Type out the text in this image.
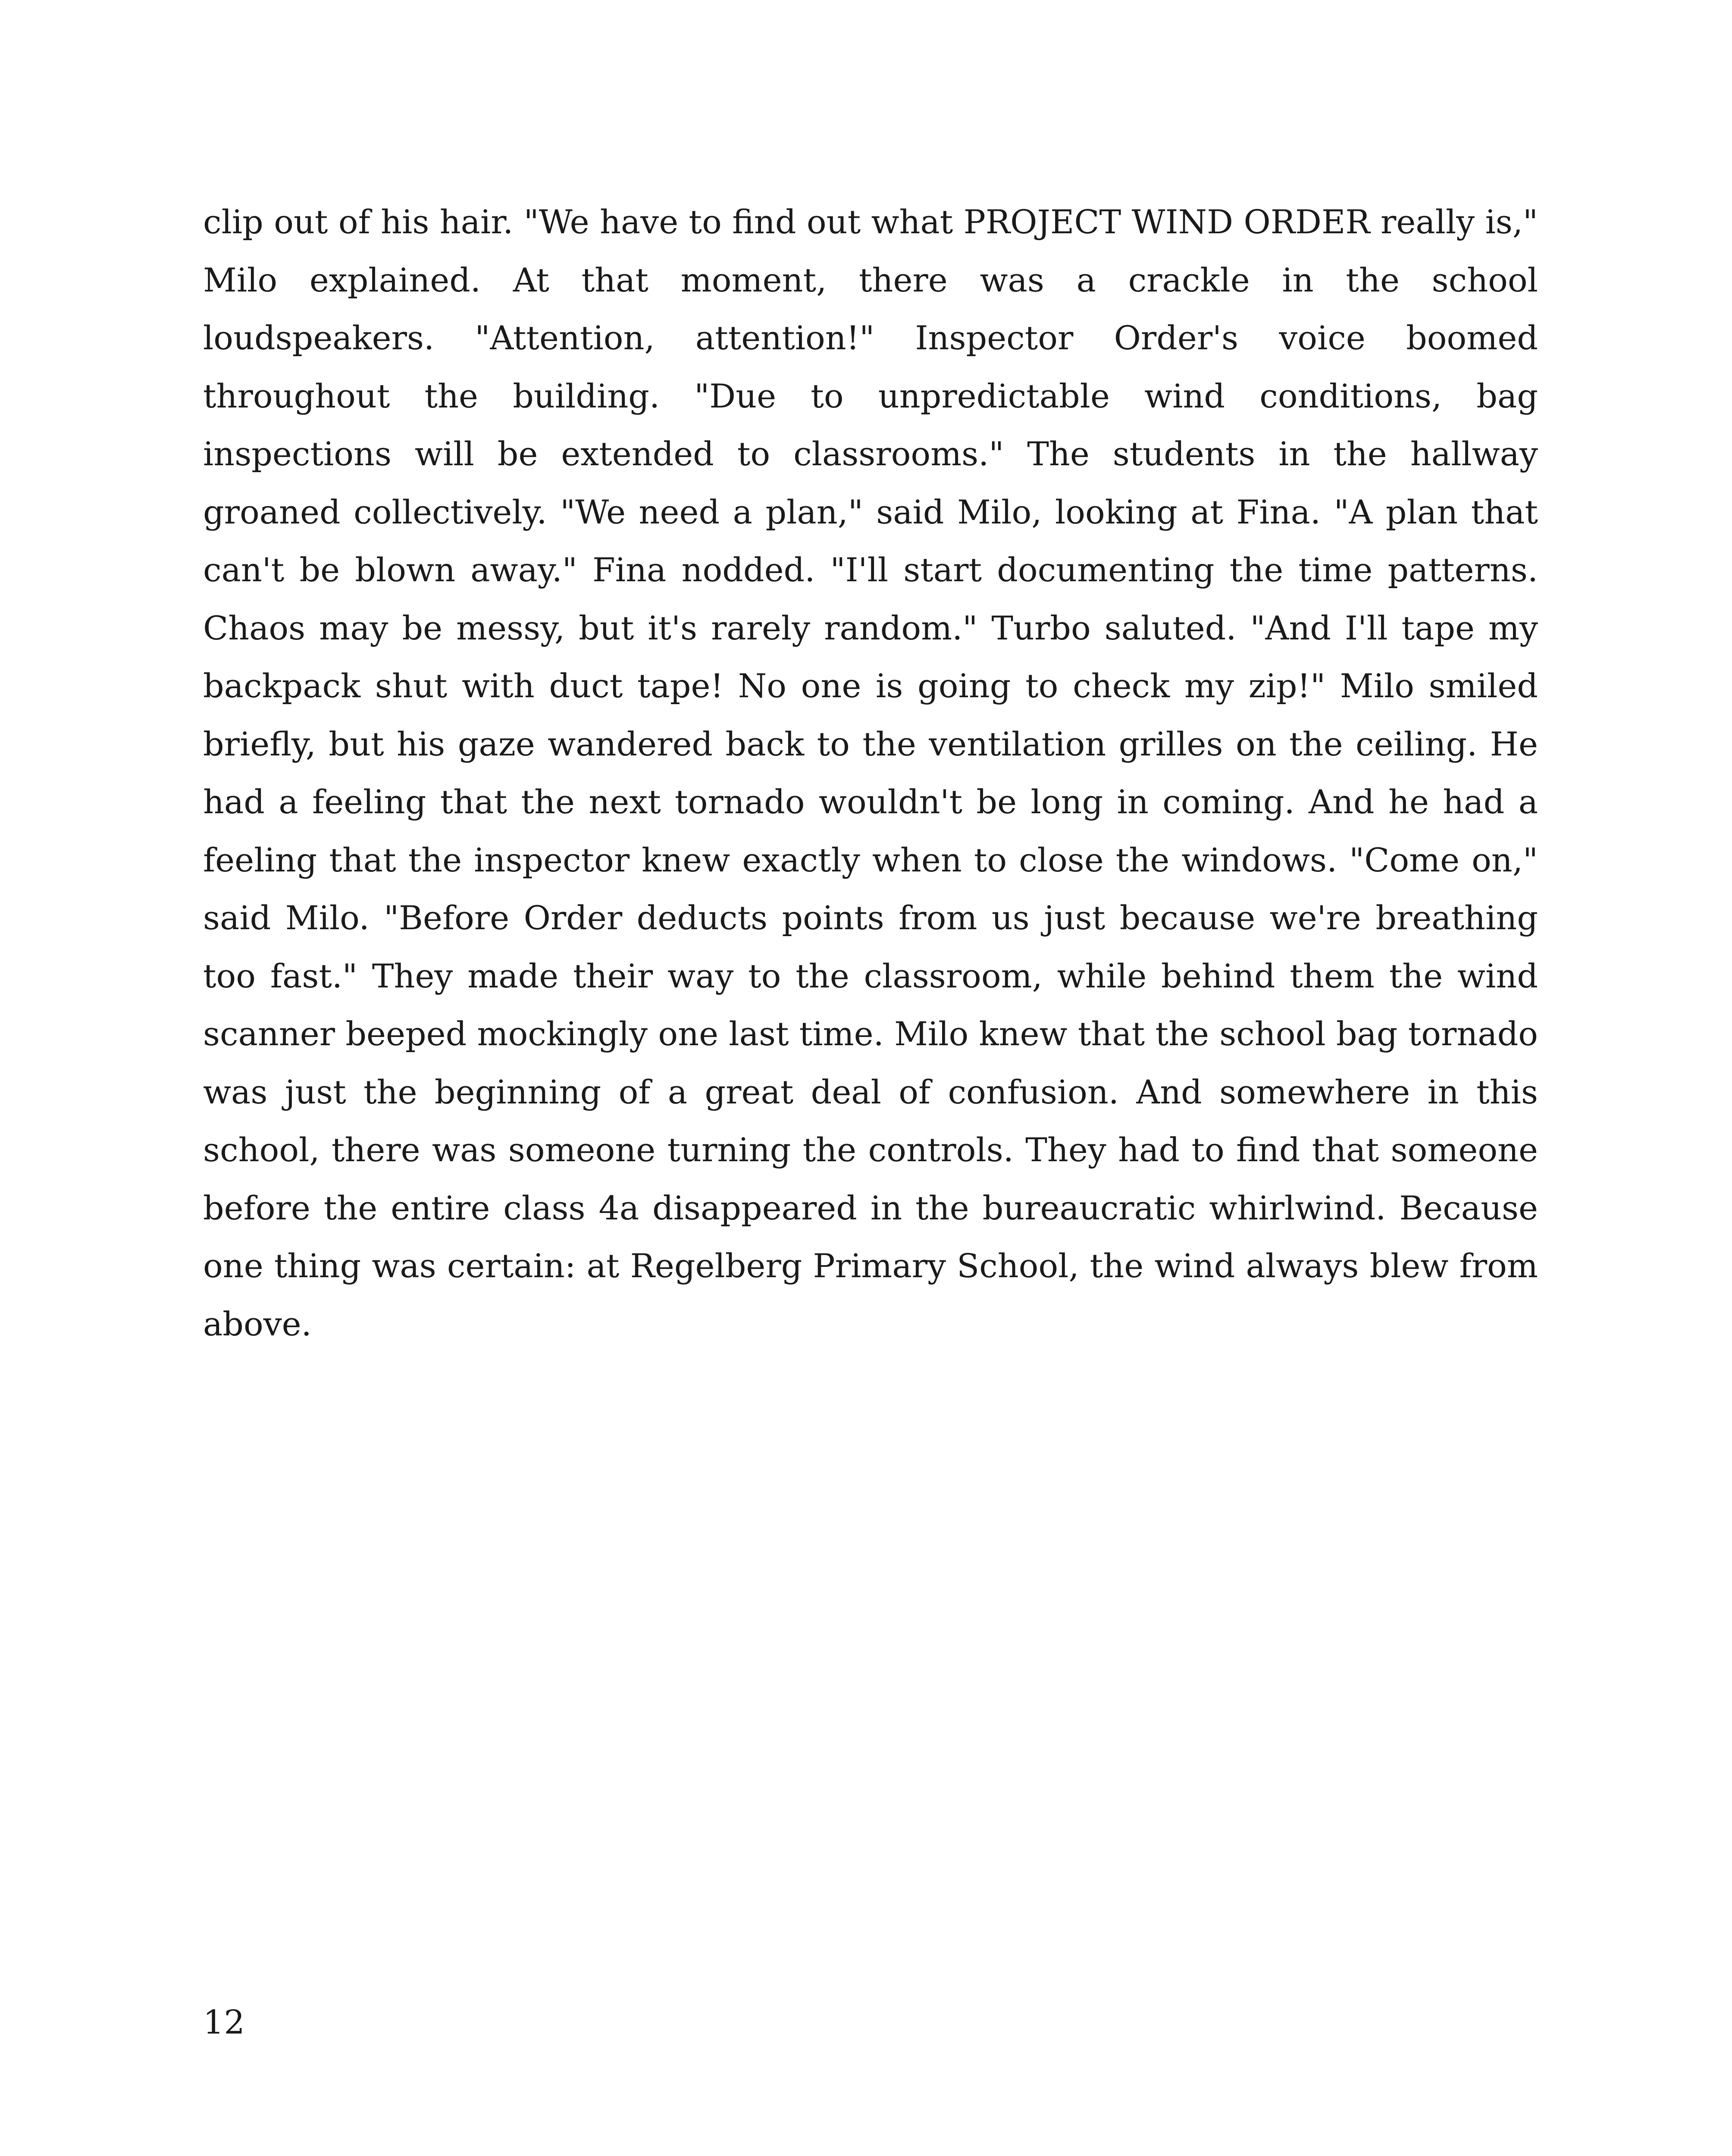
clip out of his hair. "We have to find out what PROJECT WIND ORDER really is," Milo explained. At that moment, there was a crackle in the school loudspeakers. "Attention, attention!" Inspector Order's voice boomed throughout the building. "Due to unpredictable wind conditions, bag inspections will be extended to classrooms." The students in the hallway groaned collectively. "We need a plan," said Milo, looking at Fina. "A plan that can't be blown away." Fina nodded. "I'll start documenting the time patterns. Chaos may be messy, but it's rarely random." Turbo saluted. "And I'll tape my backpack shut with duct tape! No one is going to check my zip!" Milo smiled briefly, but his gaze wandered back to the ventilation grilles on the ceiling. He had a feeling that the next tornado wouldn't be long in coming. And he had a feeling that the inspector knew exactly when to close the windows. "Come on," said Milo. "Before Order deducts points from us just because we're breathing too fast." They made their way to the classroom, while behind them the wind scanner beeped mockingly one last time. Milo knew that the school bag tornado was just the beginning of a great deal of confusion. And somewhere in this school, there was someone turning the controls. They had to find that someone before the entire class 4a disappeared in the bureaucratic whirlwind. Because one thing was certain: at Regelberg Primary School, the wind always blew from above.

12
